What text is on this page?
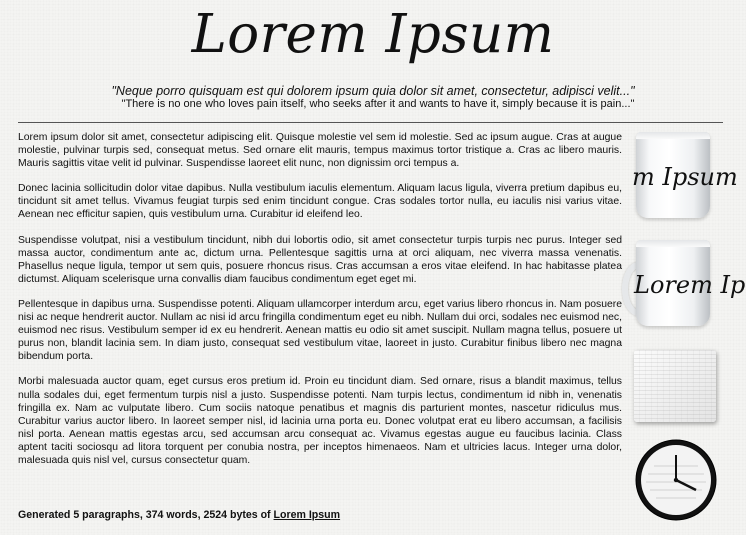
Lorem Ipsum

"Neque porro quisquam est qui dolorem ipsum quia dolor sit amet, consectetur, adipisci velit..."

"There is no one who loves pain itself, who seeks after it and wants to have it, simply because it is pain..."

Lorem ipsum dolor sit amet, consectetur adipiscing elit. Quisque molestie vel sem id molestie. Sed ac ipsum augue. Cras at augue molestie, pulvinar turpis sed, consequat metus. Sed ornare elit mauris, tempus maximus tortor tristique a. Cras ac libero mauris. Mauris sagittis vitae velit id pulvinar. Suspendisse laoreet elit nunc, non dignissim orci tempus a.

Donec lacinia sollicitudin dolor vitae dapibus. Nulla vestibulum iaculis elementum. Aliquam lacus ligula, viverra pretium dapibus eu, tincidunt sit amet tellus. Vivamus feugiat turpis sed enim tincidunt congue. Cras sodales tortor nulla, eu iaculis nisi varius vitae. Aenean nec efficitur sapien, quis vestibulum urna. Curabitur id eleifend leo.

Suspendisse volutpat, nisi a vestibulum tincidunt, nibh dui lobortis odio, sit amet consectetur turpis turpis nec purus. Integer sed massa auctor, condimentum ante ac, dictum urna. Pellentesque sagittis urna at orci aliquam, nec viverra massa venenatis. Phasellus neque ligula, tempor ut sem quis, posuere rhoncus risus. Cras accumsan a eros vitae eleifend. In hac habitasse platea dictumst. Aliquam scelerisque urna convallis diam faucibus condimentum eget eget mi.

Pellentesque in dapibus urna. Suspendisse potenti. Aliquam ullamcorper interdum arcu, eget varius libero rhoncus in. Nam posuere nisi ac neque hendrerit auctor. Nullam ac nisi id arcu fringilla condimentum eget eu nibh. Nullam dui orci, sodales nec euismod nec, euismod nec risus. Vestibulum semper id ex eu hendrerit. Aenean mattis eu odio sit amet suscipit. Nullam magna tellus, posuere ut purus non, blandit lacinia sem. In diam justo, consequat sed vestibulum vitae, laoreet in justo. Curabitur finibus libero nec magna bibendum porta.

Morbi malesuada auctor quam, eget cursus eros pretium id. Proin eu tincidunt diam. Sed ornare, risus a blandit maximus, tellus nulla sodales dui, eget fermentum turpis nisl a justo. Suspendisse potenti. Nam turpis lectus, condimentum id nibh in, venenatis fringilla ex. Nam ac vulputate libero. Cum sociis natoque penatibus et magnis dis parturient montes, nascetur ridiculus mus. Curabitur varius auctor libero. In laoreet semper nisl, id lacinia urna porta eu. Donec volutpat erat eu libero accumsan, a facilisis nisl porta. Aenean mattis egestas arcu, sed accumsan arcu consequat ac. Vivamus egestas augue eu faucibus lacinia. Class aptent taciti sociosqu ad litora torquent per conubia nostra, per inceptos himenaeos. Nam et ultricies lacus. Integer urna dolor, malesuada quis nisl vel, cursus consectetur quam.

Generated 5 paragraphs, 374 words, 2524 bytes of Lorem Ipsum
m Ipsum
Lorem Ip
